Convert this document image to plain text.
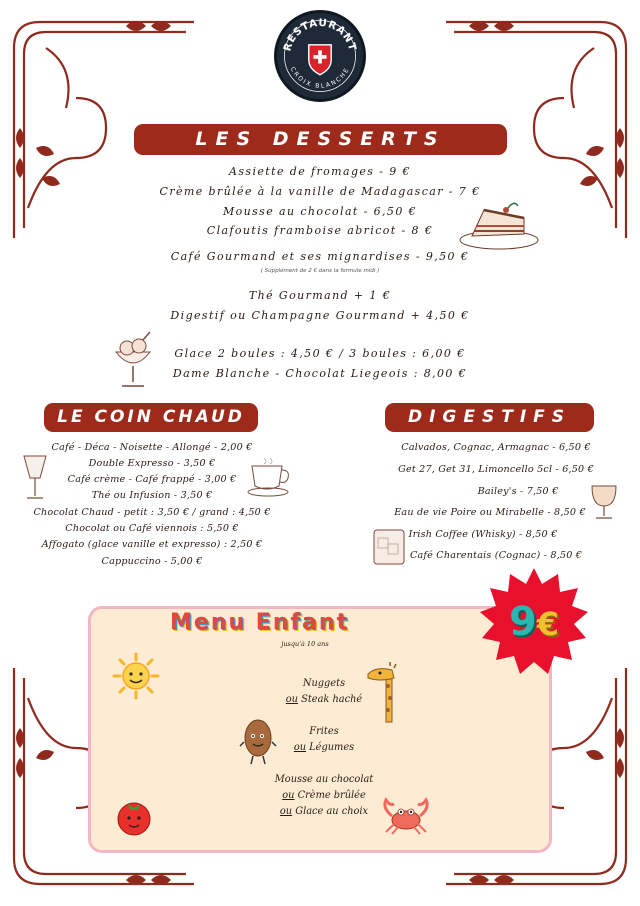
RESTAURANT
CROIX BLANCHE
LES DESSERTS
Assiette de fromages - 9 €
Crème brûlée à la vanille de Madagascar - 7 €
Mousse au chocolat - 6,50 €
Clafoutis framboise abricot - 8 €
Café Gourmand et ses mignardises - 9,50 €
( Supplément de 2 € dans la formule midi )
Thé Gourmand + 1 €
Digestif ou Champagne Gourmand + 4,50 €
Glace 2 boules : 4,50 € / 3 boules : 6,00 €
Dame Blanche - Chocolat Liegeois : 8,00 €
LE COIN CHAUD
Café - Déca - Noisette - Allongé - 2,00 €
Double Expresso - 3,50 €
Café crème - Café frappé - 3,00 €
Thé ou Infusion - 3,50 €
Chocolat Chaud - petit : 3,50 € / grand : 4,50 €
Chocolat ou Café viennois : 5,50 €
Affogato (glace vanille et expresso) : 2,50 €
Cappuccino - 5,00 €
DIGESTIFS
Calvados, Cognac, Armagnac - 6,50 €
Get 27, Get 31, Limoncello 5cl - 6,50 €
Bailey's - 7,50 €
Eau de vie Poire ou Mirabelle - 8,50 €
Irish Coffee (Whisky) - 8,50 €
Café Charentais (Cognac) - 8,50 €
Menu Enfant
jusqu'à 10 ans	9€
Nuggets
ou Steak haché
Frites
ou Légumes
Mousse au chocolat
ou Crème brûlée
ou Glace au choix
